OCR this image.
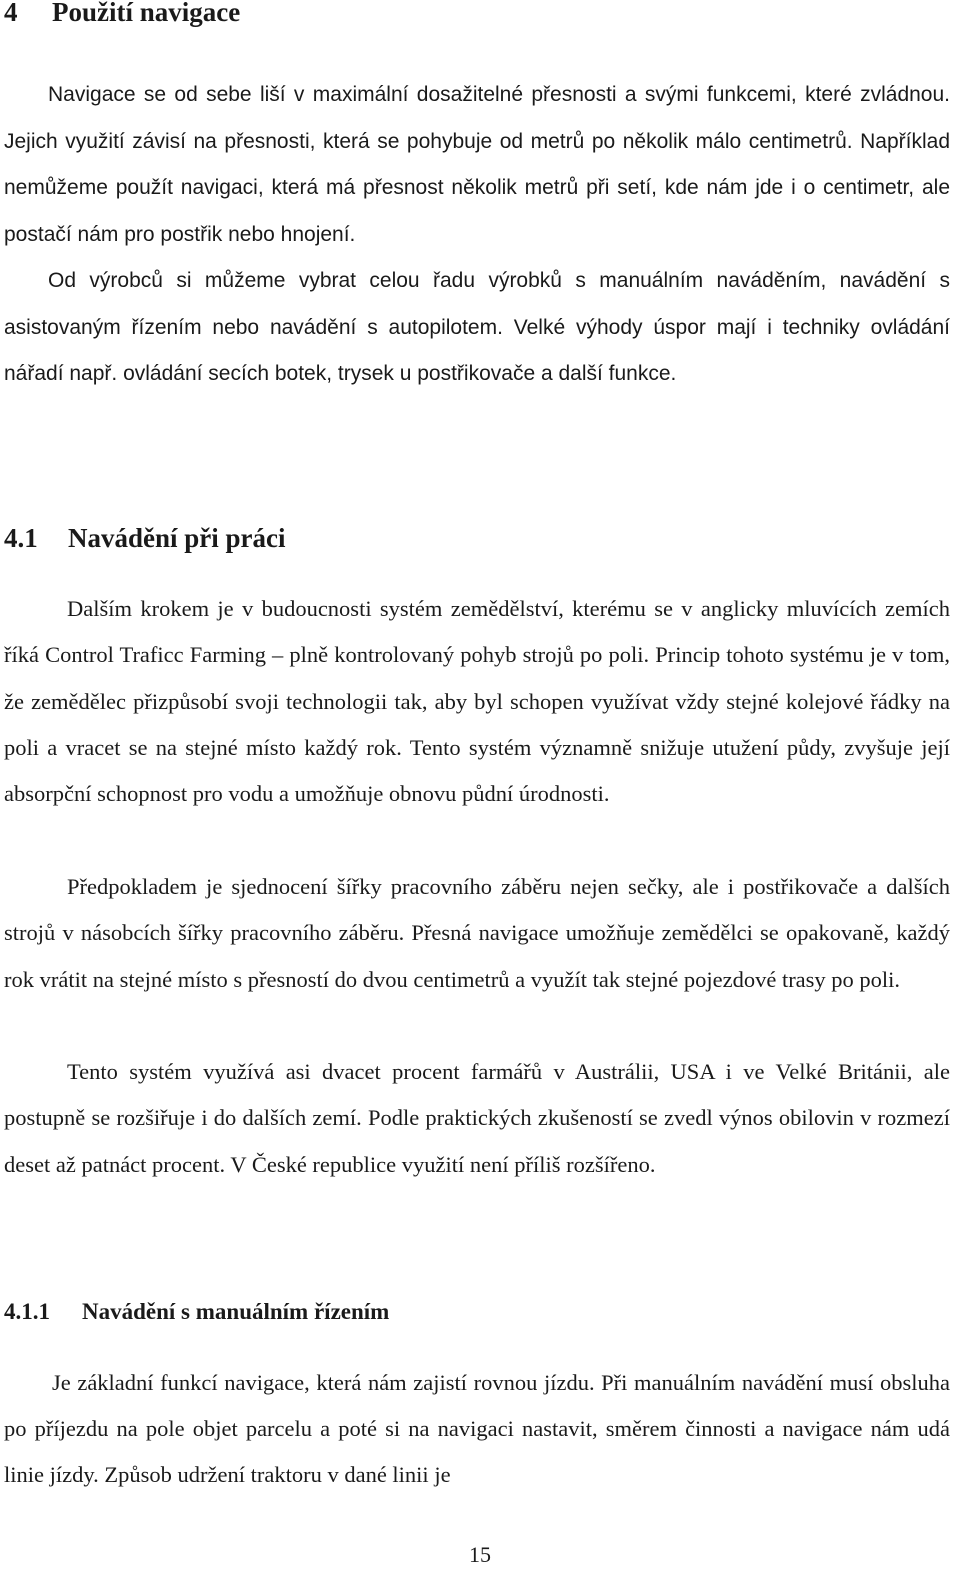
4 Použití navigace

Navigace se od sebe liší v maximální dosažitelné přesnosti a svými funkcemi, které zvládnou. Jejich využití závisí na přesnosti, která se pohybuje od metrů po několik málo centimetrů. Například nemůžeme použít navigaci, která má přesnost několik metrů při setí, kde nám jde i o centimetr, ale postačí nám pro postřik nebo hnojení.

Od výrobců si můžeme vybrat celou řadu výrobků s manuálním naváděním, navádění s asistovaným řízením nebo navádění s autopilotem. Velké výhody úspor mají i techniky ovládání nářadí např. ovládání secích botek, trysek u postřikovače a další funkce.

4.1 Navádění při práci

Dalším krokem je v budoucnosti systém zemědělství, kterému se v anglicky mluvících zemích říká Control Traficc Farming – plně kontrolovaný pohyb strojů po poli. Princip tohoto systému je v tom, že zemědělec přizpůsobí svoji technologii tak, aby byl schopen využívat vždy stejné kolejové řádky na poli a vracet se na stejné místo každý rok. Tento systém významně snižuje utužení půdy, zvyšuje její absorpční schopnost pro vodu a umožňuje obnovu půdní úrodnosti.

Předpokladem je sjednocení šířky pracovního záběru nejen sečky, ale i postřikovače a dalších strojů v násobcích šířky pracovního záběru. Přesná navigace umožňuje zemědělci se opakovaně, každý rok vrátit na stejné místo s přesností do dvou centimetrů a využít tak stejné pojezdové trasy po poli.

Tento systém využívá asi dvacet procent farmářů v Austrálii, USA i ve Velké Británii, ale postupně se rozšiřuje i do dalších zemí. Podle praktických zkušeností se zvedl výnos obilovin v rozmezí deset až patnáct procent. V České republice využití není příliš rozšířeno.

4.1.1 Navádění s manuálním řízením

Je základní funkcí navigace, která nám zajistí rovnou jízdu. Při manuálním navádění musí obsluha po příjezdu na pole objet parcelu a poté si na navigaci nastavit, směrem činnosti a navigace nám udá linie jízdy. Způsob udržení traktoru v dané linii je

15
